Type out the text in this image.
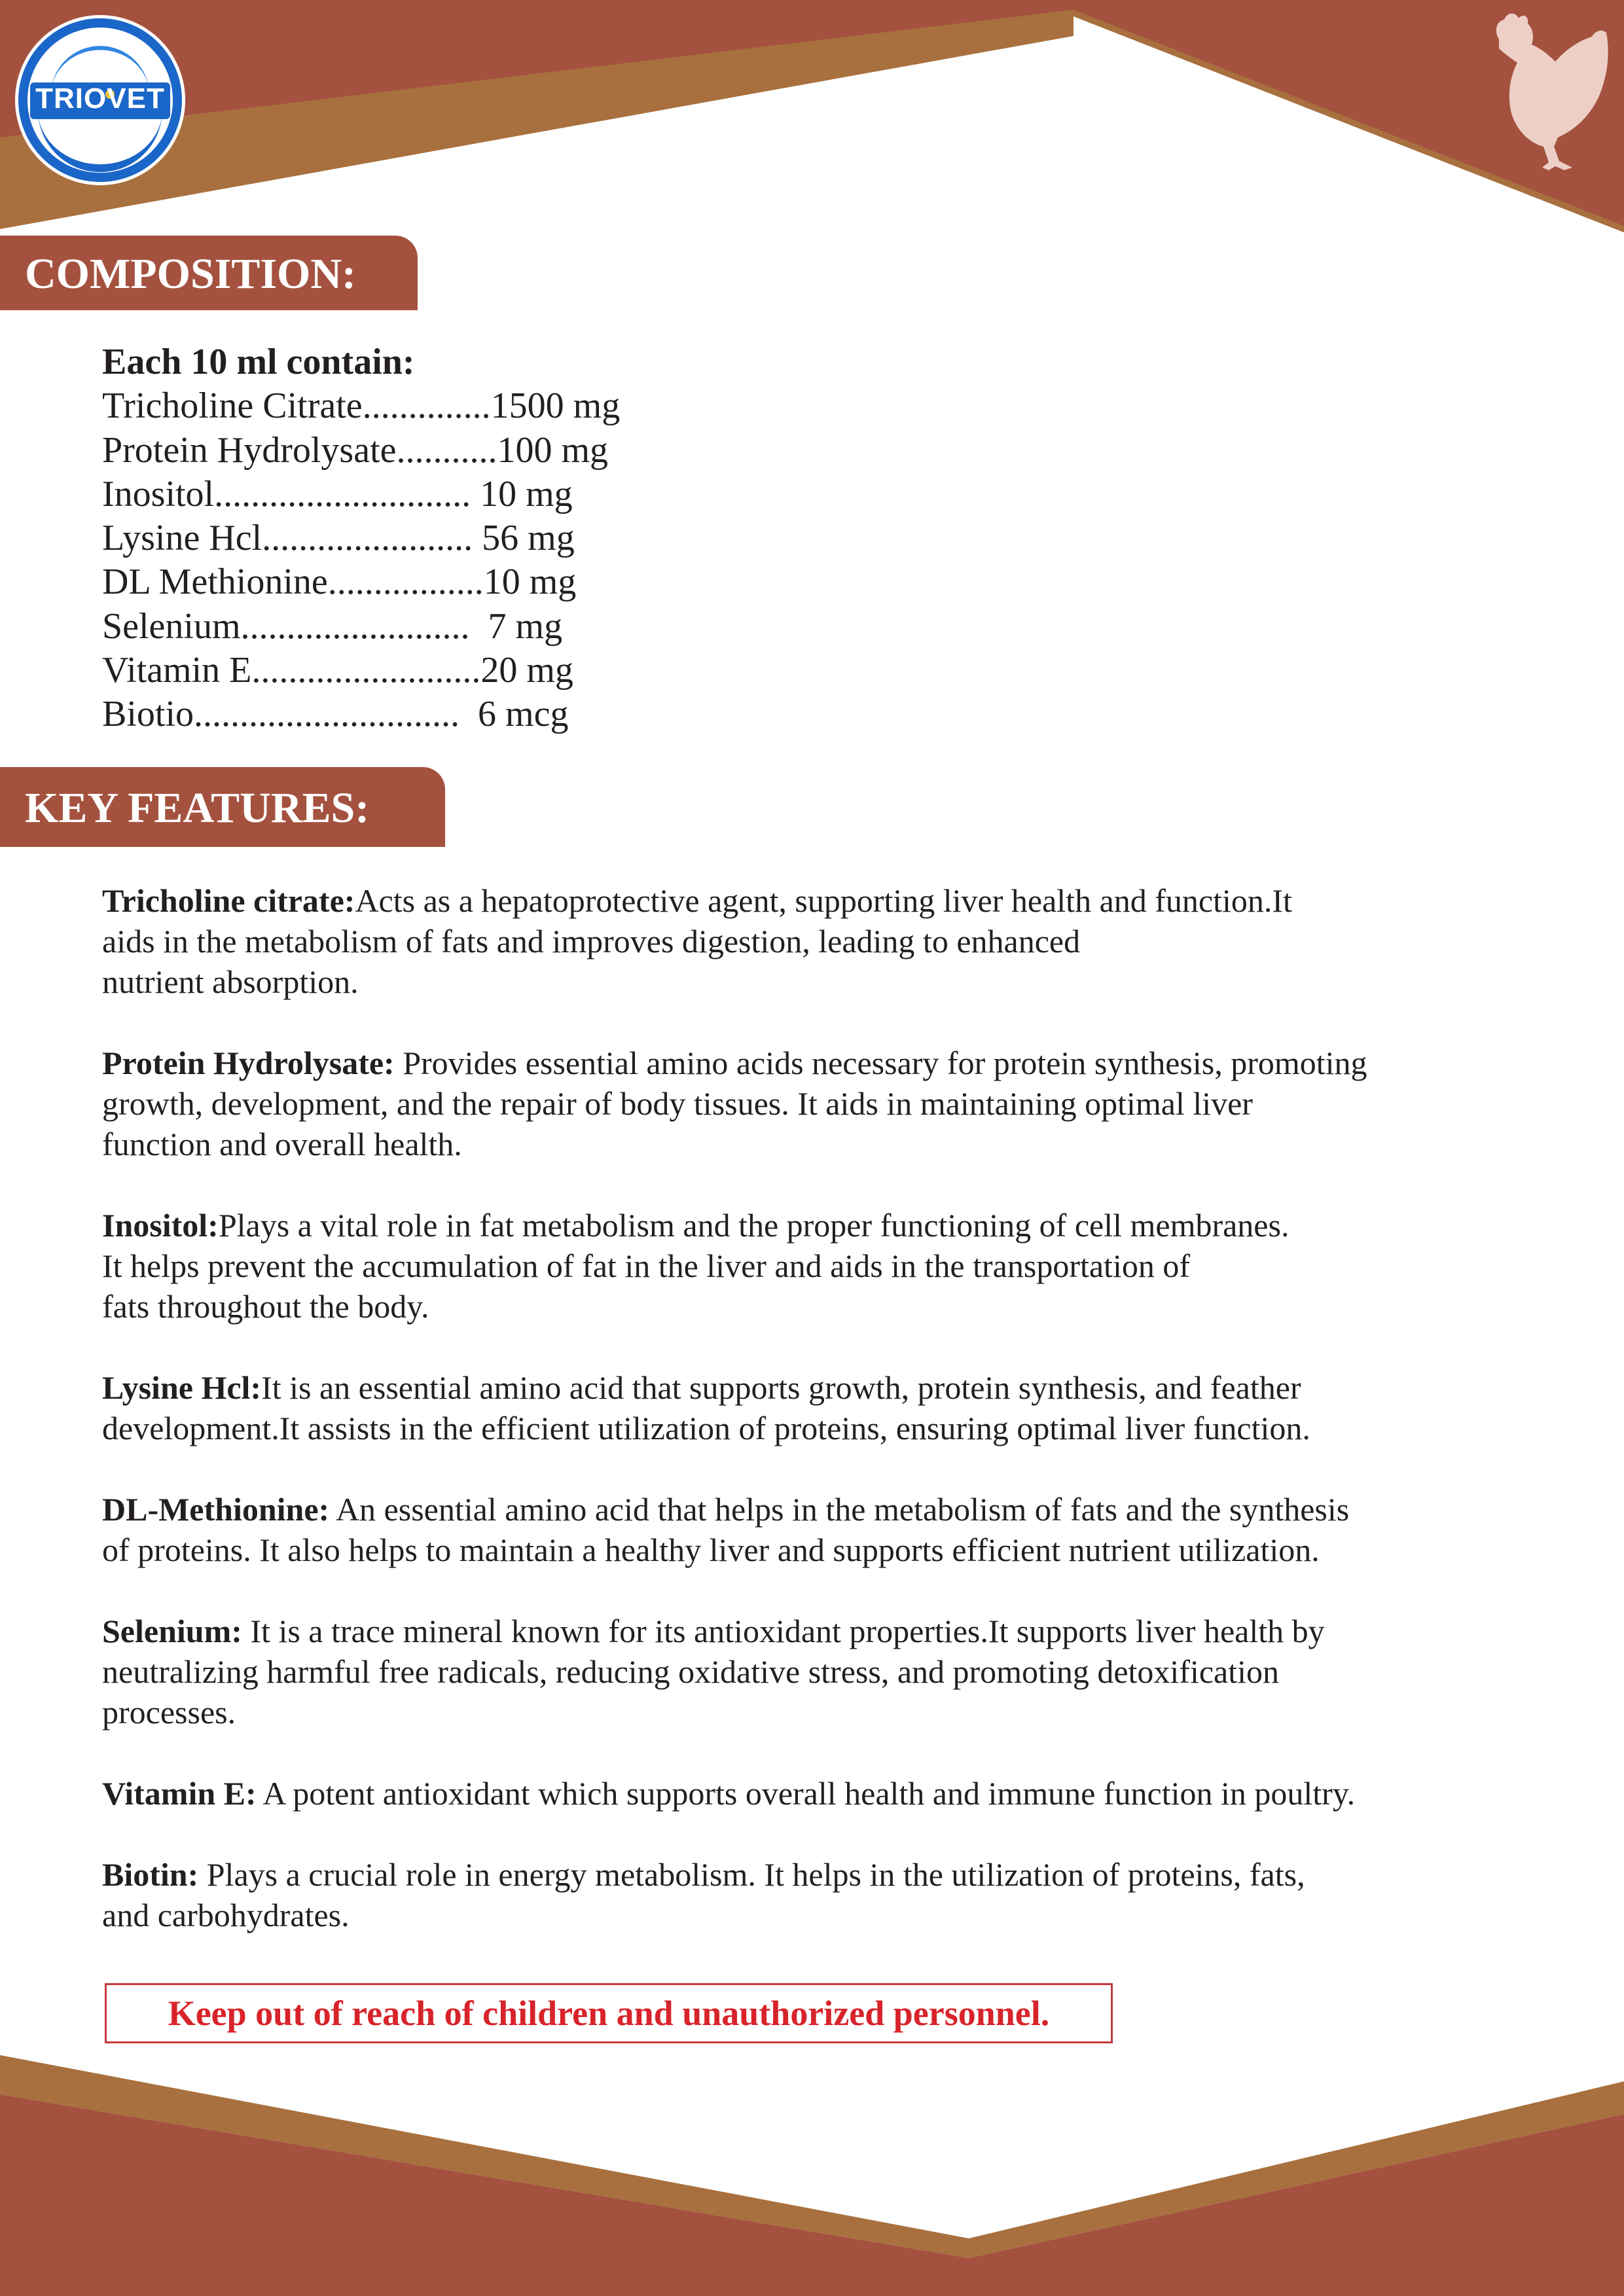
TRIOVET
COMPOSITION:
Each 10 ml contain:
Tricholine Citrate..............1500 mg
Protein Hydrolysate...........100 mg
Inositol............................ 10 mg
Lysine Hcl....................... 56 mg
DL Methionine.................10 mg
Selenium.........................  7 mg
Vitamin E.........................20 mg
Biotio.............................  6 mcg
KEY FEATURES:
Tricholine citrate:Acts as a hepatoprotective agent, supporting liver health and function.It
aids in the metabolism of fats and improves digestion, leading to enhanced
nutrient absorption.
Protein Hydrolysate: Provides essential amino acids necessary for protein synthesis, promoting
growth, development, and the repair of body tissues. It aids in maintaining optimal liver
function and overall health.
Inositol:Plays a vital role in fat metabolism and the proper functioning of cell membranes.
It helps prevent the accumulation of fat in the liver and aids in the transportation of
fats throughout the body.
Lysine Hcl:It is an essential amino acid that supports growth, protein synthesis, and feather
development.It assists in the efficient utilization of proteins, ensuring optimal liver function.
DL-Methionine: An essential amino acid that helps in the metabolism of fats and the synthesis
of proteins. It also helps to maintain a healthy liver and supports efficient nutrient utilization.
Selenium: It is a trace mineral known for its antioxidant properties.It supports liver health by
neutralizing harmful free radicals, reducing oxidative stress, and promoting detoxification
processes.
Vitamin E: A potent antioxidant which supports overall health and immune function in poultry.
Biotin: Plays a crucial role in energy metabolism. It helps in the utilization of proteins, fats,
and carbohydrates.
Keep out of reach of children and unauthorized personnel.
